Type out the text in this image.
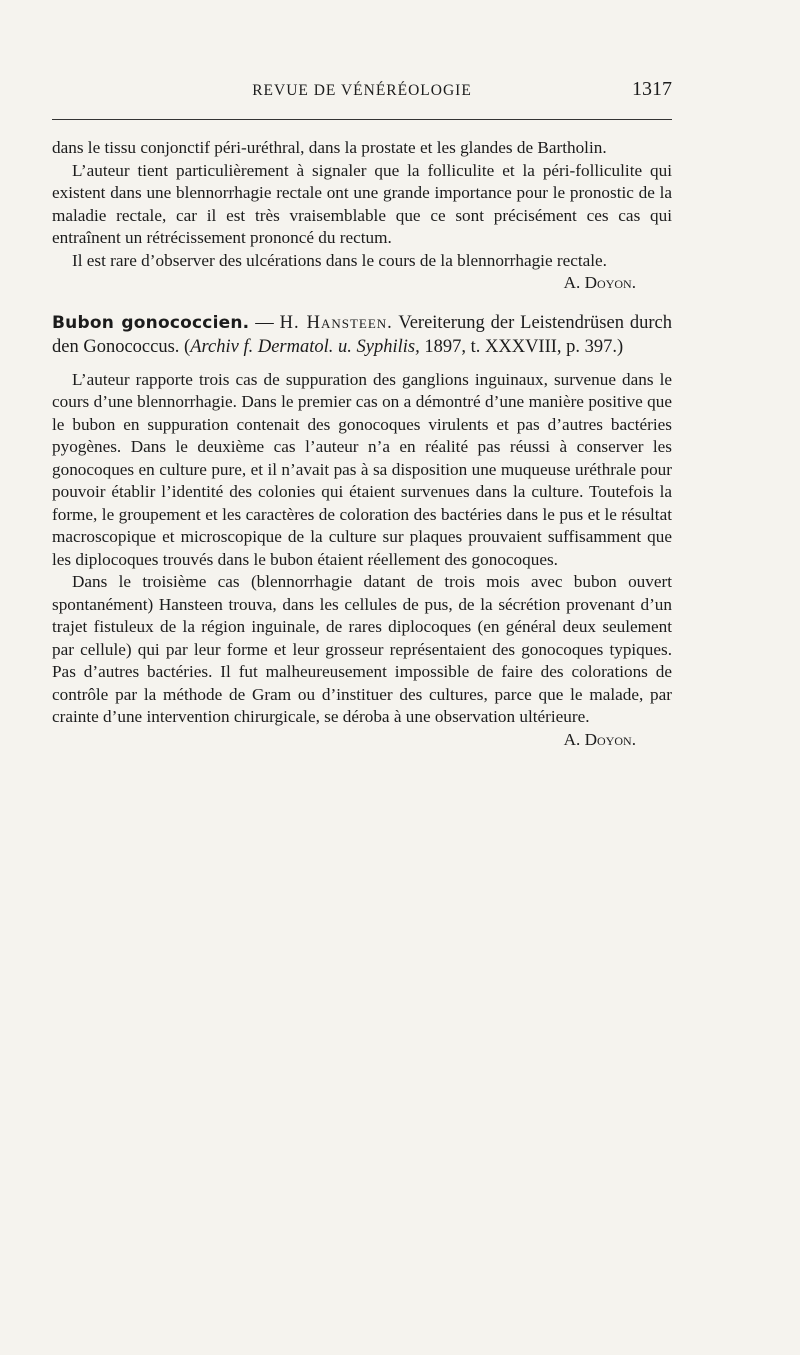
REVUE DE VÉNÉRÉOLOGIE	1317

dans le tissu conjonctif péri-uréthral, dans la prostate et les glandes de Bartholin.

L’auteur tient particulièrement à signaler que la folliculite et la péri-folliculite qui existent dans une blennorrhagie rectale ont une grande importance pour le pronostic de la maladie rectale, car il est très vraisemblable que ce sont précisément ces cas qui entraînent un rétrécissement prononcé du rectum.

Il est rare d’observer des ulcérations dans le cours de la blennorrhagie rectale.

A. Doyon.

Bubon gonococcien. — H. Hansteen. Vereiterung der Leistendrüsen durch den Gonococcus. (Archiv f. Dermatol. u. Syphilis, 1897, t. XXXVIII, p. 397.)

L’auteur rapporte trois cas de suppuration des ganglions inguinaux, survenue dans le cours d’une blennorrhagie. Dans le premier cas on a démontré d’une manière positive que le bubon en suppuration contenait des gonocoques virulents et pas d’autres bactéries pyogènes. Dans le deuxième cas l’auteur n’a en réalité pas réussi à conserver les gonocoques en culture pure, et il n’avait pas à sa disposition une muqueuse uréthrale pour pouvoir établir l’identité des colonies qui étaient survenues dans la culture. Toutefois la forme, le groupement et les caractères de coloration des bactéries dans le pus et le résultat macroscopique et microscopique de la culture sur plaques prouvaient suffisamment que les diplocoques trouvés dans le bubon étaient réellement des gonocoques.

Dans le troisième cas (blennorrhagie datant de trois mois avec bubon ouvert spontanément) Hansteen trouva, dans les cellules de pus, de la sécrétion provenant d’un trajet fistuleux de la région inguinale, de rares diplocoques (en général deux seulement par cellule) qui par leur forme et leur grosseur représentaient des gonocoques typiques. Pas d’autres bactéries. Il fut malheureusement impossible de faire des colorations de contrôle par la méthode de Gram ou d’instituer des cultures, parce que le malade, par crainte d’une intervention chirurgicale, se déroba à une observation ultérieure.

A. Doyon.
